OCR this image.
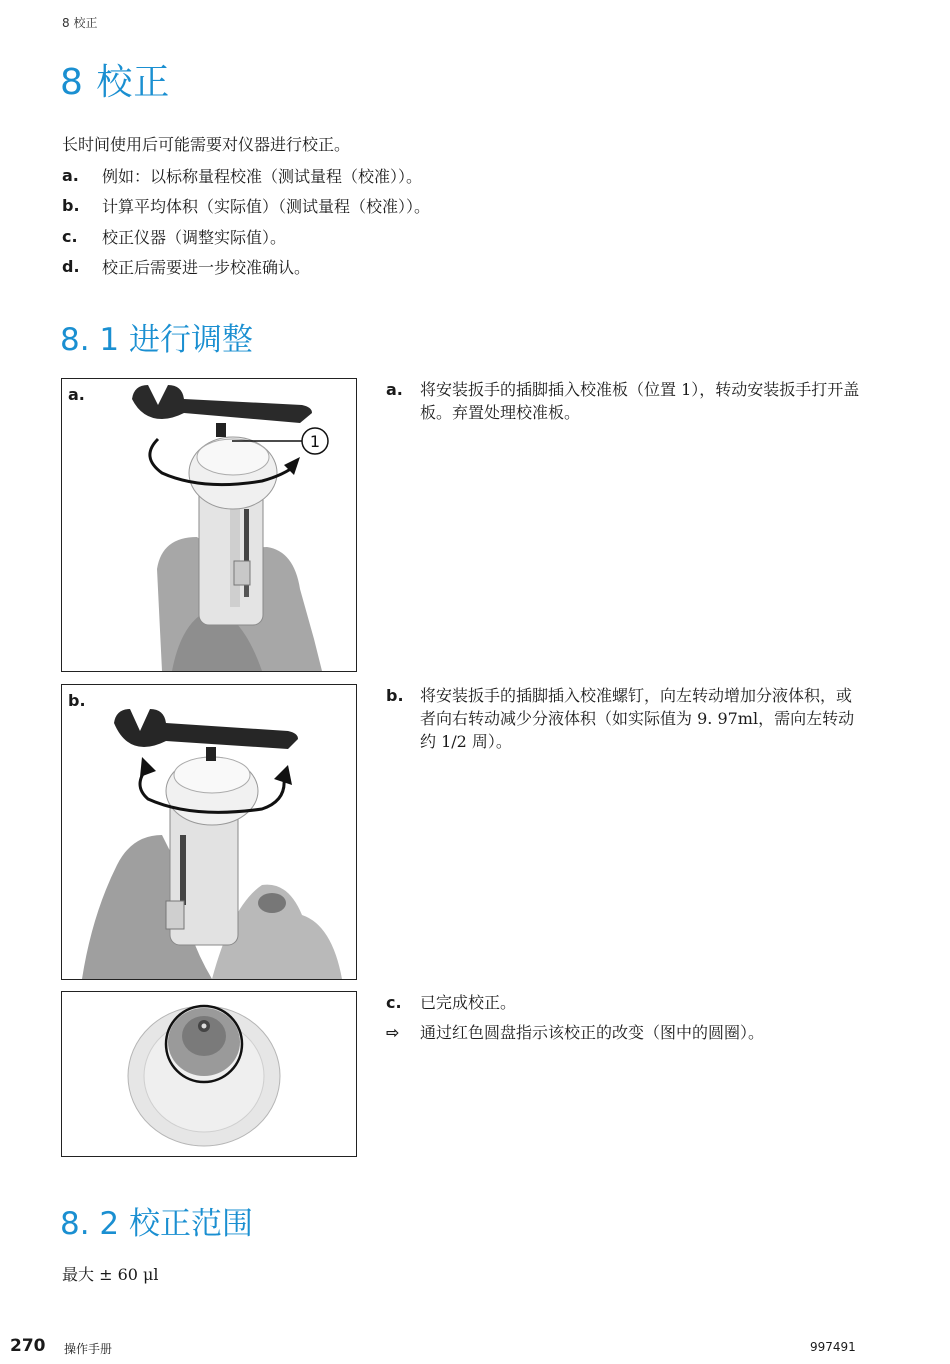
8 校正
8 校正
长时间使用后可能需要对仪器进行校正。
a.	例如：以标称量程校准（测试量程（校准））。
b.	计算平均体积（实际值）（测试量程（校准））。
c.	校正仪器（调整实际值）。
d.	校正后需要进一步校准确认。
8. 1 进行调整
a.
1
b.
a.	将安装扳手的插脚插入校准板（位置 1），转动安装扳手打开盖板。弃置处理校准板。
b.	将安装扳手的插脚插入校准螺钉，向左转动增加分液体积，或者向右转动减少分液体积（如实际值为 9. 97ml，需向左转动约 1/2 周）。
c.	已完成校正。
⇨	通过红色圆盘指示该校正的改变（图中的圆圈）。
8. 2 校正范围
最大 ± 60 μl
270 操作手册	997491
